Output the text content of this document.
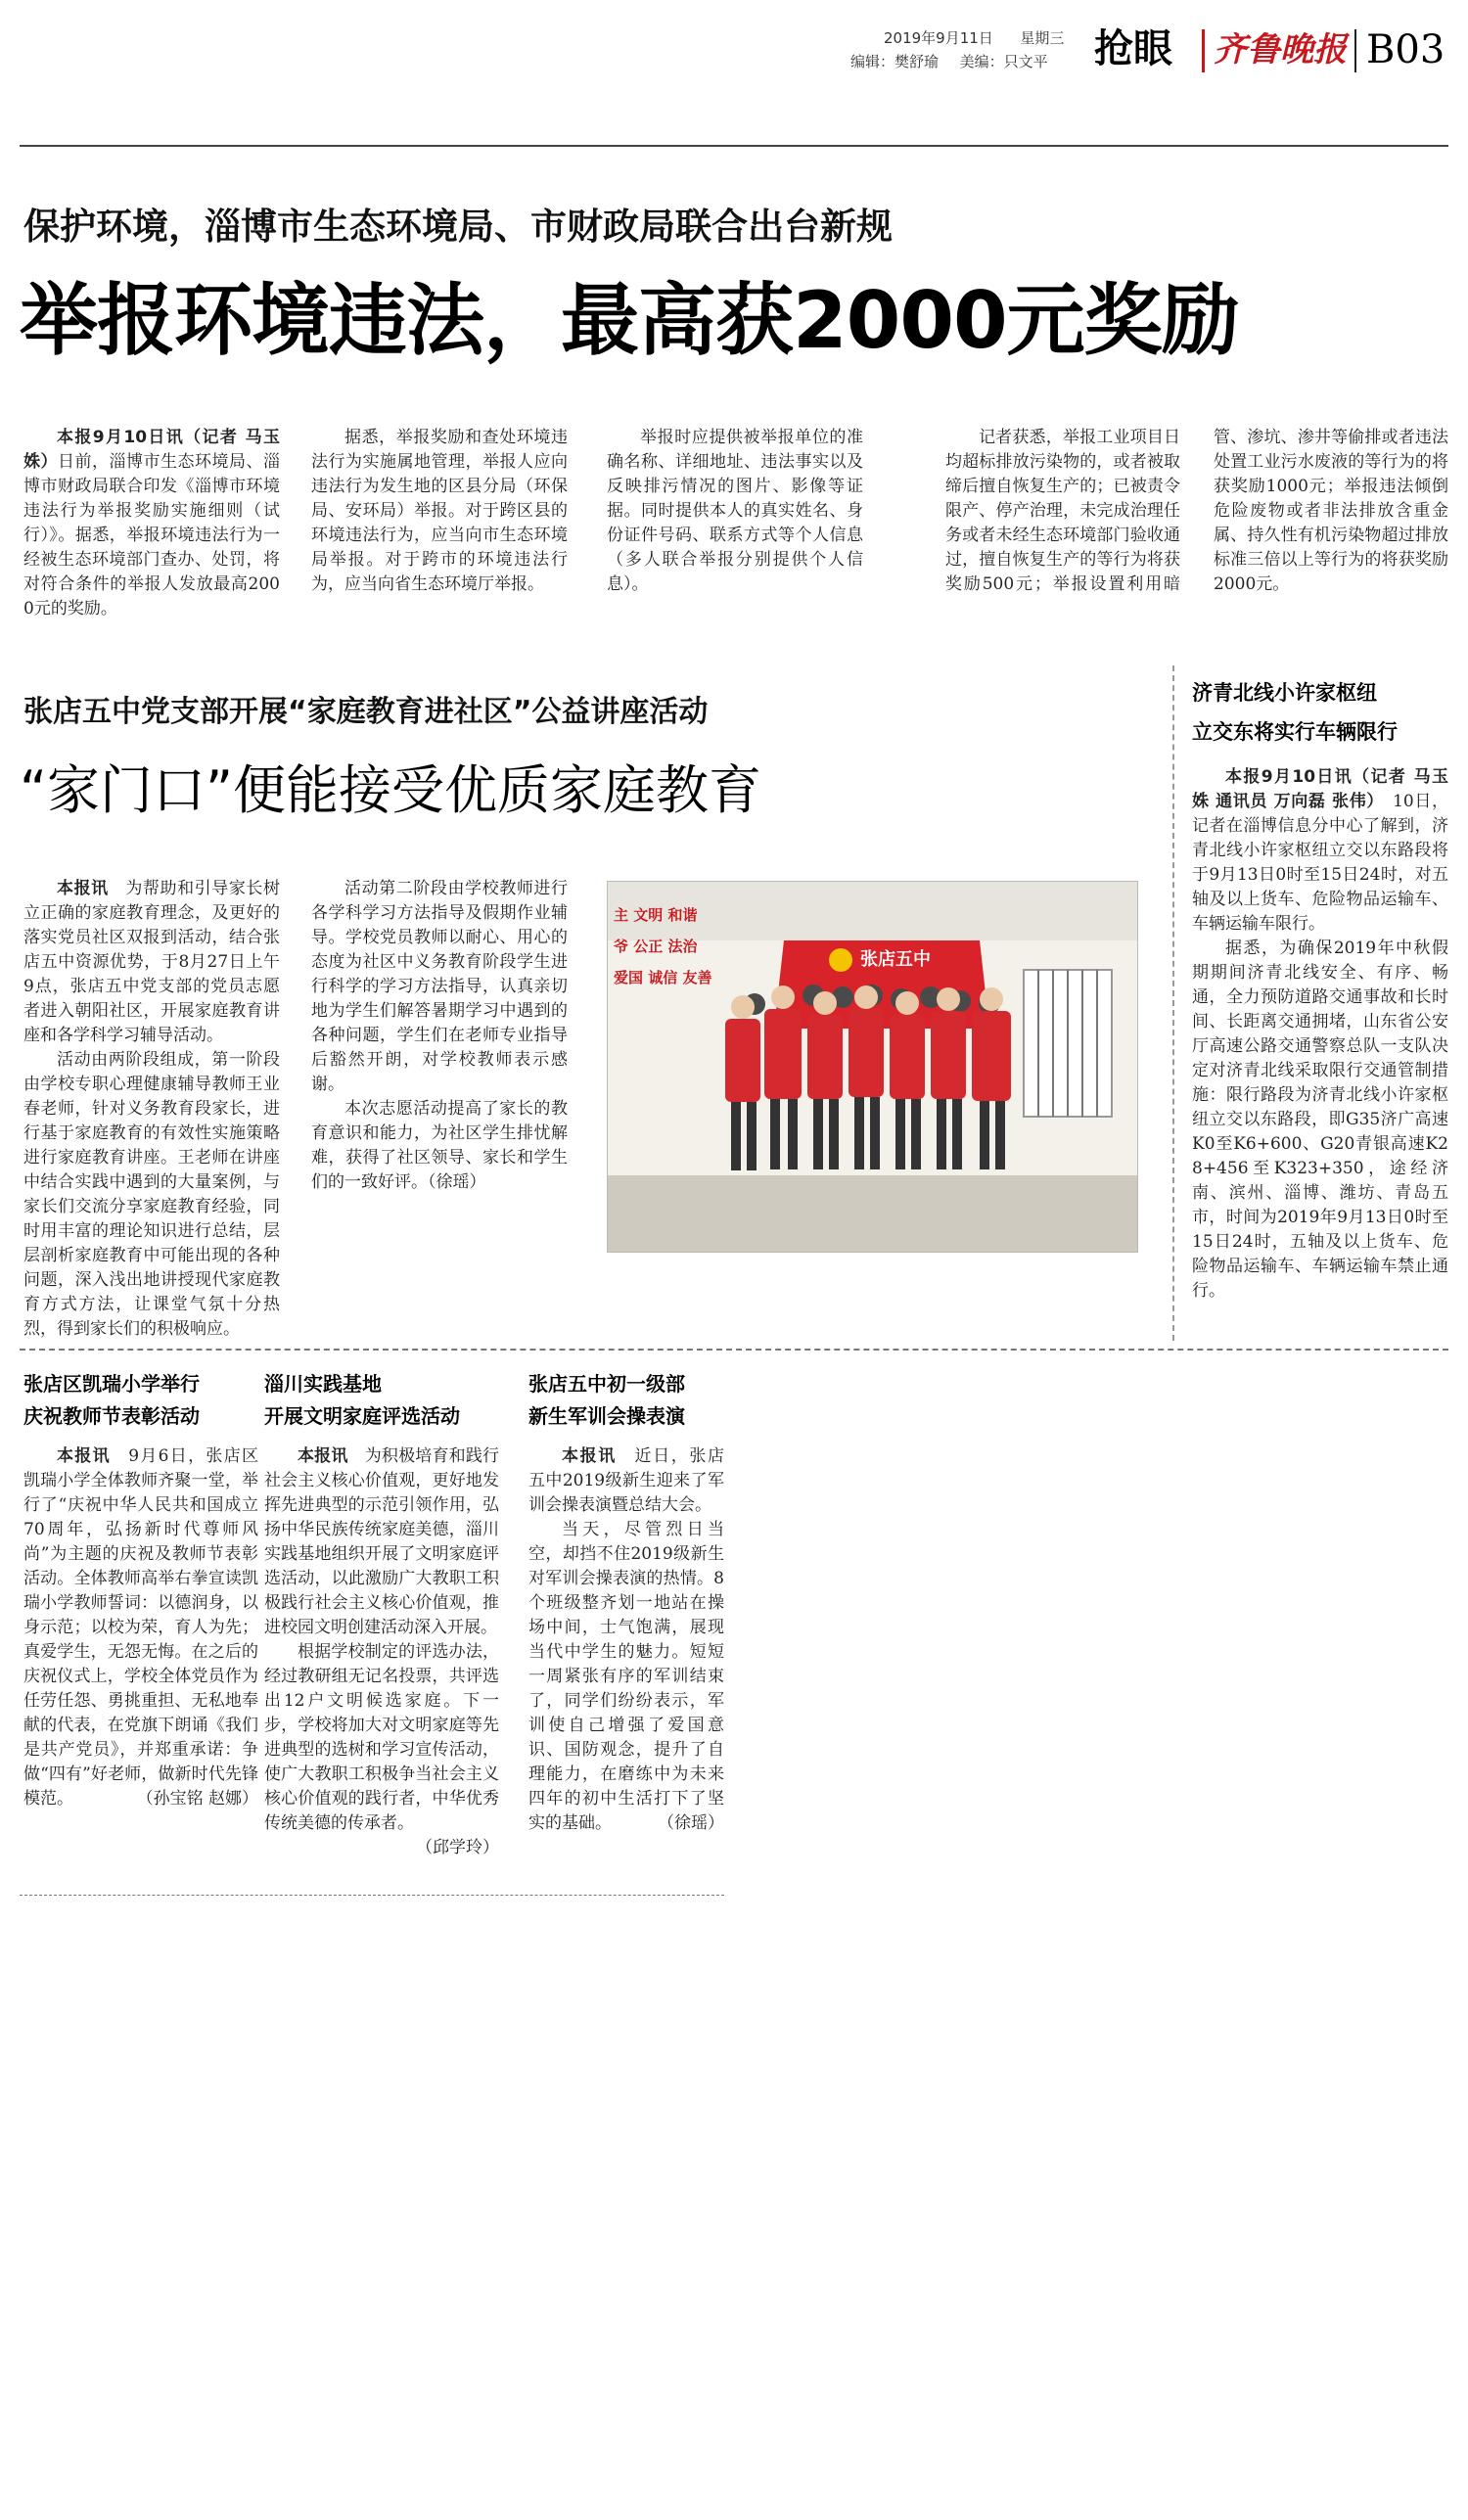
2019年9月11日 星期三
编辑：樊舒瑜 美编：只文平 抢眼 齐鲁晚报 B03
保护环境，淄博市生态环境局、市财政局联合出台新规
举报环境违法，最高获2000元奖励

本报9月10日讯（记者 马玉姝）日前，淄博市生态环境局、淄博市财政局联合印发《淄博市环境违法行为举报奖励实施细则（试行）》。据悉，举报环境违法行为一经被生态环境部门查办、处罚，将对符合条件的举报人发放最高2000元的奖励。

据悉，举报奖励和查处环境违法行为实施属地管理，举报人应向违法行为发生地的区县分局（环保局、安环局）举报。对于跨区县的环境违法行为，应当向市生态环境局举报。对于跨市的环境违法行为，应当向省生态环境厅举报。

举报时应提供被举报单位的准确名称、详细地址、违法事实以及反映排污情况的图片、影像等证据。同时提供本人的真实姓名、身份证件号码、联系方式等个人信息（多人联合举报分别提供个人信息）。

记者获悉，举报工业项目日均超标排放污染物的，或者被取缔后擅自恢复生产的；已被责令限产、停产治理，未完成治理任务或者未经生态环境部门验收通过，擅自恢复生产的等行为将获奖励500元；举报设置利用暗管、渗坑、渗井等偷排或者违法处置工业污水废液的等行为的将获奖励1000元；举报违法倾倒危险废物或者非法排放含重金属、持久性有机污染物超过排放标准三倍以上等行为的将获奖励2000元。

张店五中党支部开展“家庭教育进社区”公益讲座活动
“家门口”便能接受优质家庭教育

本报讯　 为帮助和引导家长树立正确的家庭教育理念，及更好的落实党员社区双报到活动，结合张店五中资源优势，于8月27日上午9点，张店五中党支部的党员志愿者进入朝阳社区，开展家庭教育讲座和各学科学习辅导活动。

活动由两阶段组成，第一阶段由学校专职心理健康辅导教师王业春老师，针对义务教育段家长，进行基于家庭教育的有效性实施策略进行家庭教育讲座。王老师在讲座中结合实践中遇到的大量案例，与家长们交流分享家庭教育经验，同时用丰富的理论知识进行总结，层层剖析家庭教育中可能出现的各种问题，深入浅出地讲授现代家庭教育方式方法，让课堂气氛十分热烈，得到家长们的积极响应。

活动第二阶段由学校教师进行各学科学习方法指导及假期作业辅导。学校党员教师以耐心、用心的态度为社区中义务教育阶段学生进行科学的学习方法指导，认真亲切地为学生们解答暑期学习中遇到的各种问题，学生们在老师专业指导后豁然开朗，对学校教师表示感谢。

本次志愿活动提高了家长的教育意识和能力，为社区学生排忧解难，获得了社区领导、家长和学生们的一致好评。（徐瑶）

张店五中
主 文明 和谐
爷 公正 法治
爱国 诚信 友善
济青北线小许家枢纽
立交东将实行车辆限行

本报9月10日讯（记者 马玉姝 通讯员 万向磊 张伟）　 10日，记者在淄博信息分中心了解到，济青北线小许家枢纽立交以东路段将于9月13日0时至15日24时，对五轴及以上货车、危险物品运输车、车辆运输车限行。

据悉，为确保2019年中秋假期期间济青北线安全、有序、畅通，全力预防道路交通事故和长时间、长距离交通拥堵，山东省公安厅高速公路交通警察总队一支队决定对济青北线采取限行交通管制措施：限行路段为济青北线小许家枢纽立交以东路段，即G35济广高速K0至K6+600、G20青银高速K28+456至K323+350，途经济南、滨州、淄博、潍坊、青岛五市，时间为2019年9月13日0时至15日24时，五轴及以上货车、危险物品运输车、车辆运输车禁止通行。

张店区凯瑞小学举行
庆祝教师节表彰活动

本报讯　 9月6日，张店区凯瑞小学全体教师齐聚一堂，举行了“庆祝中华人民共和国成立70周年，弘扬新时代尊师风尚”为主题的庆祝及教师节表彰活动。全体教师高举右拳宣读凯瑞小学教师誓词：以德润身，以身示范；以校为荣，育人为先；真爱学生，无怨无悔。在之后的庆祝仪式上，学校全体党员作为任劳任怨、勇挑重担、无私地奉献的代表，在党旗下朗诵《我们是共产党员》，并郑重承诺：争做“四有”好老师，做新时代先锋模范。	（孙宝铭 赵娜）

淄川实践基地
开展文明家庭评选活动

本报讯　 为积极培育和践行社会主义核心价值观，更好地发挥先进典型的示范引领作用，弘扬中华民族传统家庭美德，淄川实践基地组织开展了文明家庭评选活动，以此激励广大教职工积极践行社会主义核心价值观，推进校园文明创建活动深入开展。

根据学校制定的评选办法，经过教研组无记名投票，共评选出12户文明候选家庭。下一步，学校将加大对文明家庭等先进典型的选树和学习宣传活动，使广大教职工积极争当社会主义核心价值观的践行者，中华优秀传统美德的传承者。
（邱学玲）

张店五中初一级部
新生军训会操表演

本报讯　 近日，张店五中2019级新生迎来了军训会操表演暨总结大会。

当天，尽管烈日当空，却挡不住2019级新生对军训会操表演的热情。8个班级整齐划一地站在操场中间，士气饱满，展现当代中学生的魅力。短短一周紧张有序的军训结束了，同学们纷纷表示，军训使自己增强了爱国意识、国防观念，提升了自理能力，在磨练中为未来四年的初中生活打下了坚实的基础。	（徐瑶）
